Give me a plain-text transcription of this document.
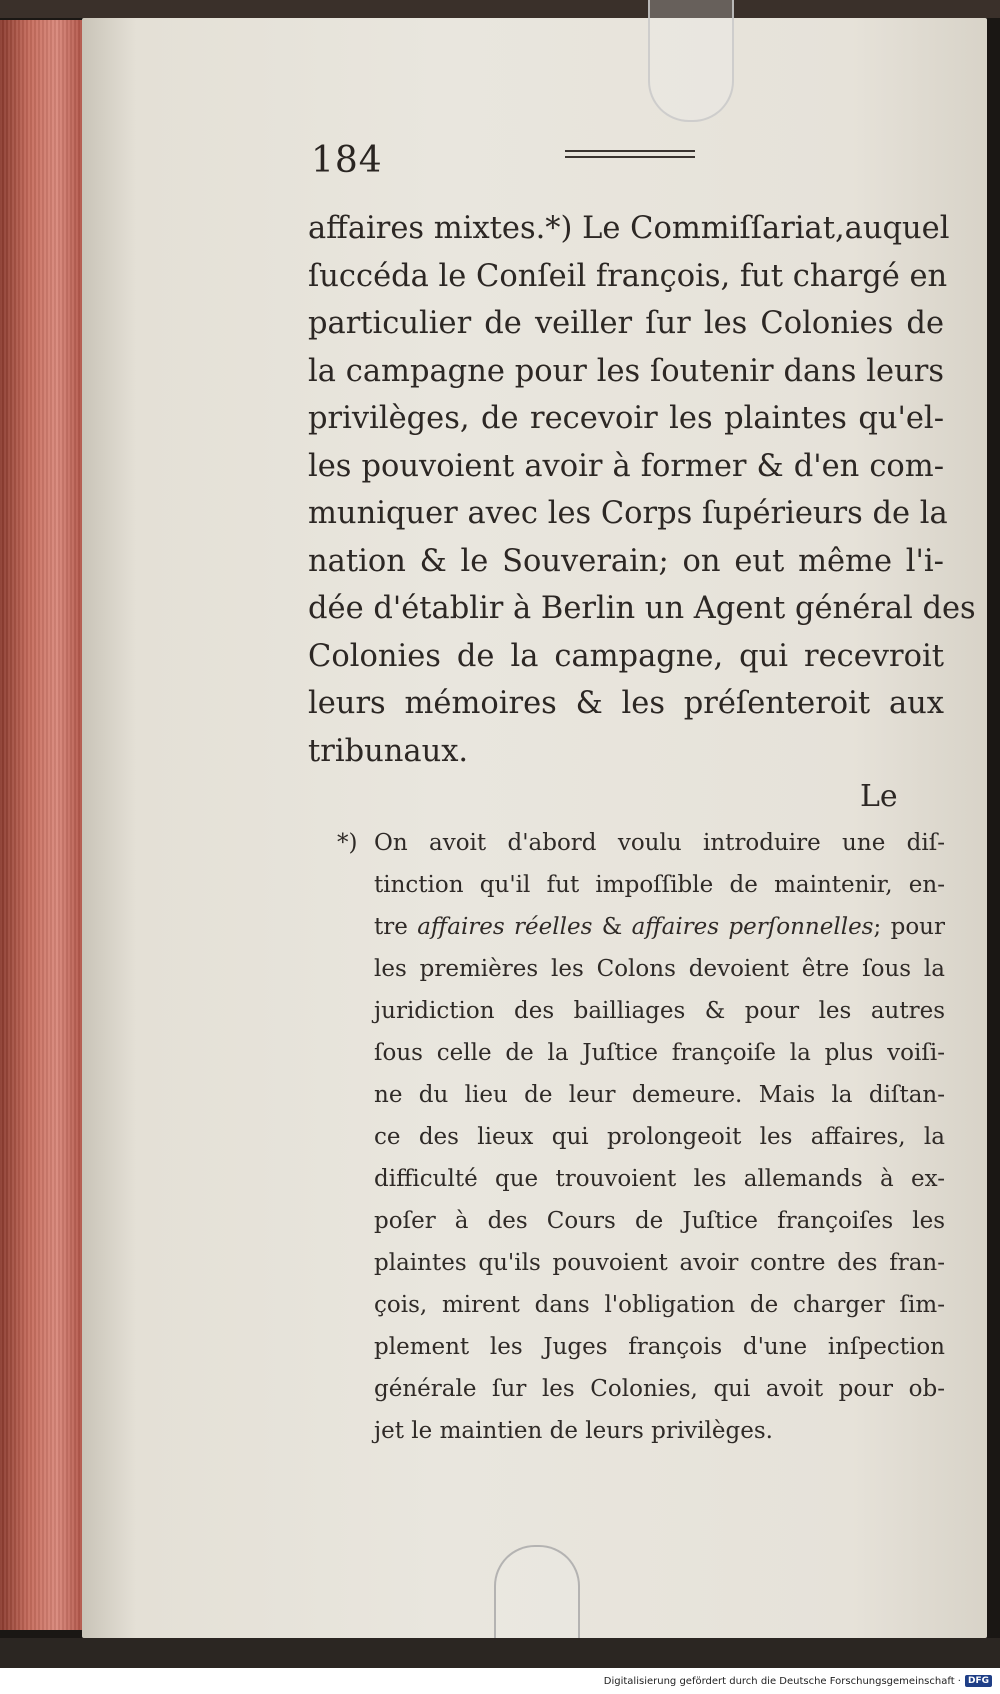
184
affaires mixtes.*) Le Commiſſariat,auquel
ſuccéda le Conſeil françois, fut chargé en
particulier de veiller ſur les Colonies de
la campagne pour les ſoutenir dans leurs
privilèges, de recevoir les plaintes qu'el-
les pouvoient avoir à former & d'en com-
muniquer avec les Corps ſupérieurs de la
nation & le Souverain; on eut même l'i-
dée d'établir à Berlin un Agent général des
Colonies de la campagne, qui recevroit
leurs mémoires & les préſenteroit aux
tribunaux.
Le
*) On avoit d'abord voulu introduire une diſ-
tinction qu'il fut impoſſible de maintenir, en-
tre affaires réelles & affaires perſonnelles; pour
les premières les Colons devoient être ſous la
juridiction des bailliages & pour les autres
ſous celle de la Juſtice françoiſe la plus voiſi-
ne du lieu de leur demeure. Mais la diſtan-
ce des lieux qui prolongeoit les affaires, la
difficulté que trouvoient les allemands à ex-
poſer à des Cours de Juſtice françoiſes les
plaintes qu'ils pouvoient avoir contre des fran-
çois, mirent dans l'obligation de charger ſim-
plement les Juges françois d'une inſpection
générale ſur les Colonies, qui avoit pour ob-
jet le maintien de leurs privilèges.
Digitalisierung gefördert durch die Deutsche Forschungsgemeinschaft · DFG
